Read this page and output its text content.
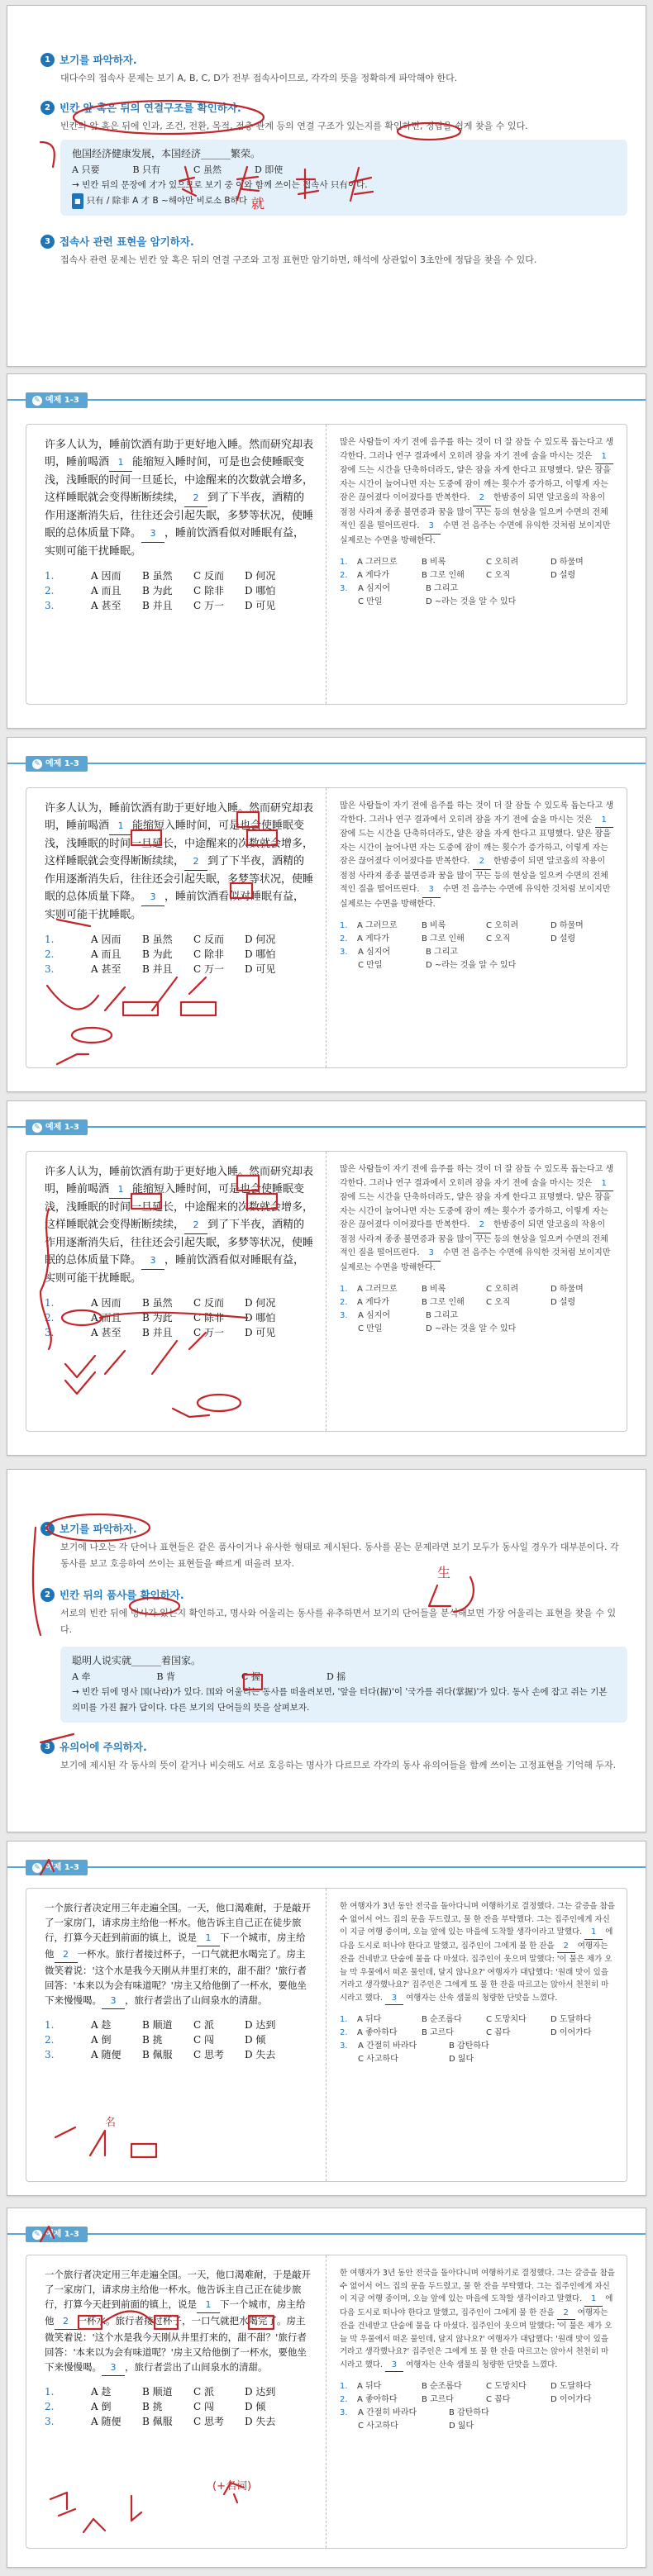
1 보기를 파악하자.
대다수의 접속사 문제는 보기 A, B, C, D가 전부 접속사이므로, 각각의 뜻을 정확하게 파악해야 한다.
2 빈칸 앞 혹은 뒤의 연결구조를 확인하자.
빈칸의 앞 혹은 뒤에 인과, 조건, 전환, 목적, 점층 관계 등의 연결 구조가 있는지를 확인하면, 정답을 쉽게 찾을 수 있다.
他国经济健康发展，本国经济______繁荣。
A 只要	B 只有	C 虽然	D 即使
→ 빈칸 뒤의 문장에 才가 있으므로 보기 중 이와 함께 쓰이는 접속사 只有이다.
■ 只有 / 除非 A 才 B ~해야만 비로소 B하다
3 접속사 관련 표현을 암기하자.
접속사 관련 문제는 빈칸 앞 혹은 뒤의 연결 구조와 고정 표현만 암기하면, 해석에 상관없이 3초안에 정답을 찾을 수 있다.
就
✎ 예제 1-3
许多人认为，睡前饮酒有助于更好地入睡。然而研究却表明，睡前喝酒 1 能缩短入睡时间，可是也会使睡眠变浅，浅睡眠的时间一旦延长，中途醒来的次数就会增多，这样睡眠就会变得断断续续， 2 到了下半夜，酒精的作用逐渐消失后，往往还会引起失眠，多梦等状况，使睡眠的总体质量下降。 3 ，睡前饮酒看似对睡眠有益，实则可能干扰睡眠。
1.	A 因而	B 虽然	C 反而	D 何况
2.	A 而且	B 为此	C 除非	D 哪怕
3.	A 甚至	B 并且	C 万一	D 可见
많은 사람들이 자기 전에 음주를 하는 것이 더 잘 잠들 수 있도록 돕는다고 생각한다. 그러나 연구 결과에서 오히려 잠을 자기 전에 술을 마시는 것은 1 잠에 드는 시간을 단축하더라도, 얕은 잠을 자게 한다고 표명했다. 얕은 잠을 자는 시간이 늘어나면 자는 도중에 잠이 깨는 횟수가 증가하고, 이렇게 자는 잠은 끊어졌다 이어졌다를 반복한다. 2 한밤중이 되면 알코올의 작용이 점점 사라져 종종 불면증과 꿈을 많이 꾸는 등의 현상을 일으켜 수면의 전체적인 질을 떨어뜨린다. 3 수면 전 음주는 수면에 유익한 것처럼 보이지만 실제로는 수면을 방해한다.
1.	A 그러므로	B 비록	C 오히려	D 하물며
2.	A 게다가	B 그로 인해	C 오직	D 설령
3.	A 심지어	B 그리고
C 만일	D ~라는 것을 알 수 있다
✎ 예제 1-3
许多人认为，睡前饮酒有助于更好地入睡。然而研究却表明，睡前喝酒 1 能缩短入睡时间，可是也会使睡眠变浅，浅睡眠的时间一旦延长，中途醒来的次数就会增多，这样睡眠就会变得断断续续， 2 到了下半夜，酒精的作用逐渐消失后，往往还会引起失眠，多梦等状况，使睡眠的总体质量下降。 3 ，睡前饮酒看似对睡眠有益，实则可能干扰睡眠。
1.	A 因而	B 虽然	C 反而	D 何况
2.	A 而且	B 为此	C 除非	D 哪怕
3.	A 甚至	B 并且	C 万一	D 可见
많은 사람들이 자기 전에 음주를 하는 것이 더 잘 잠들 수 있도록 돕는다고 생각한다. 그러나 연구 결과에서 오히려 잠을 자기 전에 술을 마시는 것은 1 잠에 드는 시간을 단축하더라도, 얕은 잠을 자게 한다고 표명했다. 얕은 잠을 자는 시간이 늘어나면 자는 도중에 잠이 깨는 횟수가 증가하고, 이렇게 자는 잠은 끊어졌다 이어졌다를 반복한다. 2 한밤중이 되면 알코올의 작용이 점점 사라져 종종 불면증과 꿈을 많이 꾸는 등의 현상을 일으켜 수면의 전체적인 질을 떨어뜨린다. 3 수면 전 음주는 수면에 유익한 것처럼 보이지만 실제로는 수면을 방해한다.
1.	A 그러므로	B 비록	C 오히려	D 하물며
2.	A 게다가	B 그로 인해	C 오직	D 설령
3.	A 심지어	B 그리고
C 만일	D ~라는 것을 알 수 있다
✎ 예제 1-3
许多人认为，睡前饮酒有助于更好地入睡。然而研究却表明，睡前喝酒 1 能缩短入睡时间，可是也会使睡眠变浅，浅睡眠的时间一旦延长，中途醒来的次数就会增多，这样睡眠就会变得断断续续， 2 到了下半夜，酒精的作用逐渐消失后，往往还会引起失眠，多梦等状况，使睡眠的总体质量下降。 3 ，睡前饮酒看似对睡眠有益，实则可能干扰睡眠。
1.	A 因而	B 虽然	C 反而	D 何况
2.	A 而且	B 为此	C 除非	D 哪怕
3.	A 甚至	B 并且	C 万一	D 可见
많은 사람들이 자기 전에 음주를 하는 것이 더 잘 잠들 수 있도록 돕는다고 생각한다. 그러나 연구 결과에서 오히려 잠을 자기 전에 술을 마시는 것은 1 잠에 드는 시간을 단축하더라도, 얕은 잠을 자게 한다고 표명했다. 얕은 잠을 자는 시간이 늘어나면 자는 도중에 잠이 깨는 횟수가 증가하고, 이렇게 자는 잠은 끊어졌다 이어졌다를 반복한다. 2 한밤중이 되면 알코올의 작용이 점점 사라져 종종 불면증과 꿈을 많이 꾸는 등의 현상을 일으켜 수면의 전체적인 질을 떨어뜨린다. 3 수면 전 음주는 수면에 유익한 것처럼 보이지만 실제로는 수면을 방해한다.
1.	A 그러므로	B 비록	C 오히려	D 하물며
2.	A 게다가	B 그로 인해	C 오직	D 설령
3.	A 심지어	B 그리고
C 만일	D ~라는 것을 알 수 있다
1 보기를 파악하자.
보기에 나오는 각 단어나 표현들은 같은 품사이거나 유사한 형태로 제시된다. 동사를 묻는 문제라면 보기 모두가 동사일 경우가 대부분이다. 각 동사를 보고 호응하여 쓰이는 표현들을 빠르게 떠올려 보자.
2 빈칸 뒤의 품사를 확인하자.
서로의 빈칸 뒤에 명사가 있는지 확인하고, 명사와 어울리는 동사를 유추하면서 보기의 단어들을 분석해보면 가장 어울리는 표현을 찾을 수 있다.
聪明人说实就______着国家。
A 牵	B 背	C 握	D 摇
→ 빈칸 뒤에 명사 国(나라)가 있다. 国와 어울리는 동사를 떠올려보면, '앞을 터다(握)'이 '국가를 쥐다(掌握)'가 있다. 동사 손에 잡고 쥐는 기본 의미를 가진 握가 답이다. 다른 보기의 단어들의 뜻을 살펴보자.
3 유의어에 주의하자.
보기에 제시된 각 동사의 뜻이 같거나 비슷해도 서로 호응하는 명사가 다르므로 각각의 동사 유의어들을 함께 쓰이는 고정표현을 기억해 두자.
生
✎ 예제 1-3
一个旅行者决定用三年走遍全国。一天，他口渴难耐，于是敲开了一家房门，请求房主给他一杯水。他告诉主自己正在徒步旅行，打算今天赶到前面的镇上，说是 1 下一个城市，房主给他 2 一杯水。旅行者接过杯子，一口气就把水喝完了。房主微笑着说：'这个水是我今天刚从井里打来的，甜不甜？'旅行者回答：'本来以为会有味道呢？'房主又给他倒了一杯水，要他坐下来慢慢喝。 3 ，旅行者尝出了山间泉水的清甜。
1.	A 趁	B 顺道	C 派	D 达到
2.	A 倒	B 挑	C 闯	D 倾
3.	A 随便	B 佩服	C 思考	D 失去
한 여행자가 3년 동안 전국을 돌아다니며 여행하기로 결정했다. 그는 갈증을 참을 수 없어서 어느 집의 문을 두드렸고, 물 한 잔을 부탁했다. 그는 집주인에게 자신이 지금 여행 중이며, 오늘 앞에 있는 마을에 도착할 생각이라고 말했다. 1 에 다음 도시로 떠나야 한다고 말했고, 집주인이 그에게 물 한 잔을 2 여행자는 잔을 건네받고 단숨에 물을 다 마셨다. 집주인이 웃으며 말했다: '이 물은 제가 오늘 막 우물에서 떠온 물인데, 달지 않나요?' 여행자가 대답했다: '원래 맛이 있을 거라고 생각했나요?' 집주인은 그에게 또 물 한 잔을 따르고는 앉아서 천천히 마시라고 했다. 3 여행자는 산속 샘물의 청량한 단맛을 느꼈다.
1.	A 뒤다	B 순조롭다	C 도망치다	D 도달하다
2.	A 좋아하다	B 고르다	C 꼽다	D 이어가다
3.	A 간절히 바라다	B 감탄하다
C 사고하다	D 잃다
名
✎ 예제 1-3
一个旅行者决定用三年走遍全国。一天，他口渴难耐，于是敲开了一家房门，请求房主给他一杯水。他告诉主自己正在徒步旅行，打算今天赶到前面的镇上，说是 1 下一个城市，房主给他 2 一杯水。旅行者接过杯子，一口气就把水喝完了。房主微笑着说：'这个水是我今天刚从井里打来的，甜不甜？'旅行者回答：'本来以为会有味道呢？'房主又给他倒了一杯水，要他坐下来慢慢喝。 3 ，旅行者尝出了山间泉水的清甜。
1.	A 趁	B 顺道	C 派	D 达到
2.	A 倒	B 挑	C 闯	D 倾
3.	A 随便	B 佩服	C 思考	D 失去
한 여행자가 3년 동안 전국을 돌아다니며 여행하기로 결정했다. 그는 갈증을 참을 수 없어서 어느 집의 문을 두드렸고, 물 한 잔을 부탁했다. 그는 집주인에게 자신이 지금 여행 중이며, 오늘 앞에 있는 마을에 도착할 생각이라고 말했다. 1 에 다음 도시로 떠나야 한다고 말했고, 집주인이 그에게 물 한 잔을 2 여행자는 잔을 건네받고 단숨에 물을 다 마셨다. 집주인이 웃으며 말했다: '이 물은 제가 오늘 막 우물에서 떠온 물인데, 달지 않나요?' 여행자가 대답했다: '원래 맛이 있을 거라고 생각했나요?' 집주인은 그에게 또 물 한 잔을 따르고는 앉아서 천천히 마시라고 했다. 3 여행자는 산속 샘물의 청량한 단맛을 느꼈다.
1.	A 뒤다	B 순조롭다	C 도망치다	D 도달하다
2.	A 좋아하다	B 고르다	C 꼽다	D 이어가다
3.	A 간절히 바라다	B 감탄하다
C 사고하다	D 잃다
(+名词)
